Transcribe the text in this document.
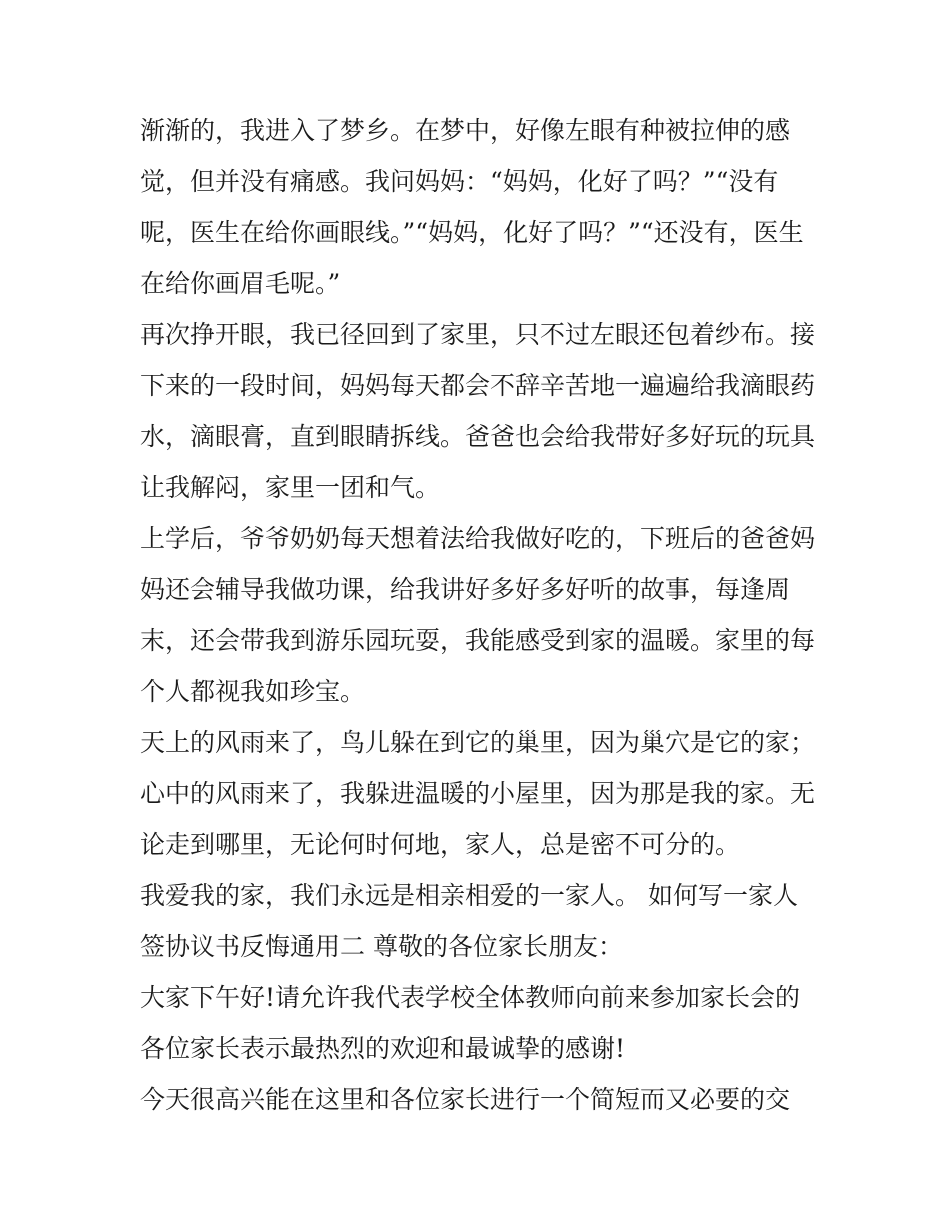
渐渐的，我进入了梦乡。在梦中，好像左眼有种被拉伸的感
觉，但并没有痛感。我问妈妈：“妈妈，化好了吗？”“没有
呢，医生在给你画眼线。”“妈妈，化好了吗？”“还没有，医生
在给你画眉毛呢。”
再次挣开眼，我已径回到了家里，只不过左眼还包着纱布。接
下来的一段时间，妈妈每天都会不辞辛苦地一遍遍给我滴眼药
水，滴眼膏，直到眼睛拆线。爸爸也会给我带好多好玩的玩具
让我解闷，家里一团和气。
上学后，爷爷奶奶每天想着法给我做好吃的，下班后的爸爸妈
妈还会辅导我做功课，给我讲好多好多好听的故事，每逢周
末，还会带我到游乐园玩耍，我能感受到家的温暖。家里的每
个人都视我如珍宝。
天上的风雨来了，鸟儿躲在到它的巢里，因为巢穴是它的家；
心中的风雨来了，我躲进温暖的小屋里，因为那是我的家。无
论走到哪里，无论何时何地，家人，总是密不可分的。
我爱我的家，我们永远是相亲相爱的一家人。 如何写一家人
签协议书反悔通用二 尊敬的各位家长朋友：
大家下午好!请允许我代表学校全体教师向前来参加家长会的
各位家长表示最热烈的欢迎和最诚挚的感谢!
今天很高兴能在这里和各位家长进行一个简短而又必要的交
